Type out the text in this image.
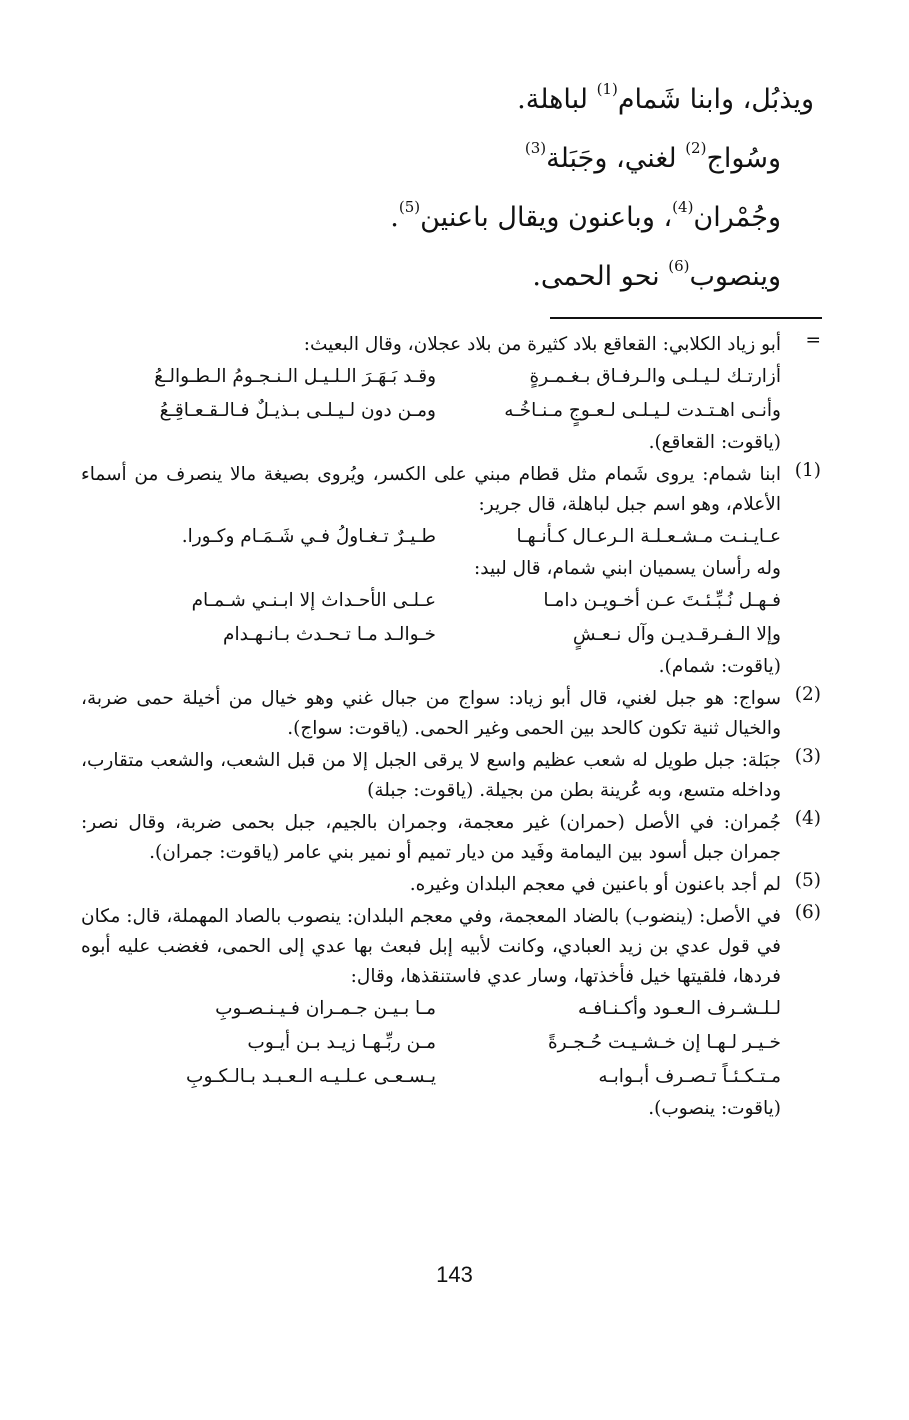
ويذبُل، وابنا شَمام$^{(1)}$ لباهلة.
وسُواج$^{(2)}$ لغني، وجَبَلة$^{(3)}$
وجُمْران$^{(4)}$، وباعنون ويقال باعنين$^{(5)}$.
وينصوب$^{(6)}$ نحو الحمى.
=

أبو زياد الكلابي: القعاقع بلاد كثيرة من بلاد عجلان، وقال البعيث:

أزارتـك لـيـلـى والـرفـاق بـغـمـرةٍ
وقـد بَـهَـرَ الـلـيـل الـنـجـومُ الـطـوالـعُ
وأنـى اهـتـدت لـيـلـى لـعـوجٍ مـنـاخُـه
ومـن دون لـيـلـى بـذيـلٌ فـالـقـعـاقِـعُ

(ياقوت: القعاقع).

(1)

ابنا شمام: يروى شَمام مثل قطام مبني على الكسر، ويُروى بصيغة مالا ينصرف من أسماء الأعلام، وهو اسم جبل لباهلة، قال جرير:

عـايـنـت مـشـعـلـة الـرعـال كـأنـهـا
طـيـرٌ تـغـاولُ فـي شَـمَـام وكـورا.

وله رأسان يسميان ابني شمام، قال لبيد:

فـهـل نُـبِّـئـتَ عـن أخـويـن دامـا
عـلـى الأحـداث إلا ابـنـي شـمـام
وإلا الـفـرقـديـن وآل نـعـشٍ
خـوالـد مـا تـحـدث بـانـهـدام

(ياقوت: شمام).

(2)

سواج: هو جبل لغني، قال أبو زياد: سواج من جبال غني وهو خيال من أخيلة حمى ضربة، والخيال ثنية تكون كالحد بين الحمى وغير الحمى. (ياقوت: سواج).

(3)

جبَلة: جبل طويل له شعب عظيم واسع لا يرقى الجبل إلا من قبل الشعب، والشعب متقارب، وداخله متسع، وبه عُرينة بطن من بجيلة. (ياقوت: جبلة)

(4)

جُمران: في الأصل (حمران) غير معجمة، وجمران بالجيم، جبل بحمى ضربة، وقال نصر: جمران جبل أسود بين اليمامة وفَيد من ديار تميم أو نمير بني عامر (ياقوت: جمران).

(5)

لم أجد باعنون أو باعنين في معجم البلدان وغيره.

(6)

في الأصل: (ينضوب) بالضاد المعجمة، وفي معجم البلدان: ينصوب بالصاد المهملة، قال: مكان في قول عدي بن زيد العبادي، وكانت لأبيه إبل فبعث بها عدي إلى الحمى، فغضب عليه أبوه فردها، فلقيتها خيل فأخذتها، وسار عدي فاستنقذها، وقال:

لـلـشـرف الـعـود وأكـنـافـه
مـا بـيـن جـمـران فـيـنـصـوبِ
خـيـر لـهـا إن خـشـيـت حُـجـرةً
مـن ربِّـهـا زيـد بـن أيـوب
مـتـكـئـاً تـصـرف أبـوابـه
يـسـعـى عـلـيـه الـعـبـد بـالـكـوبِ

(ياقوت: ينصوب).

143
